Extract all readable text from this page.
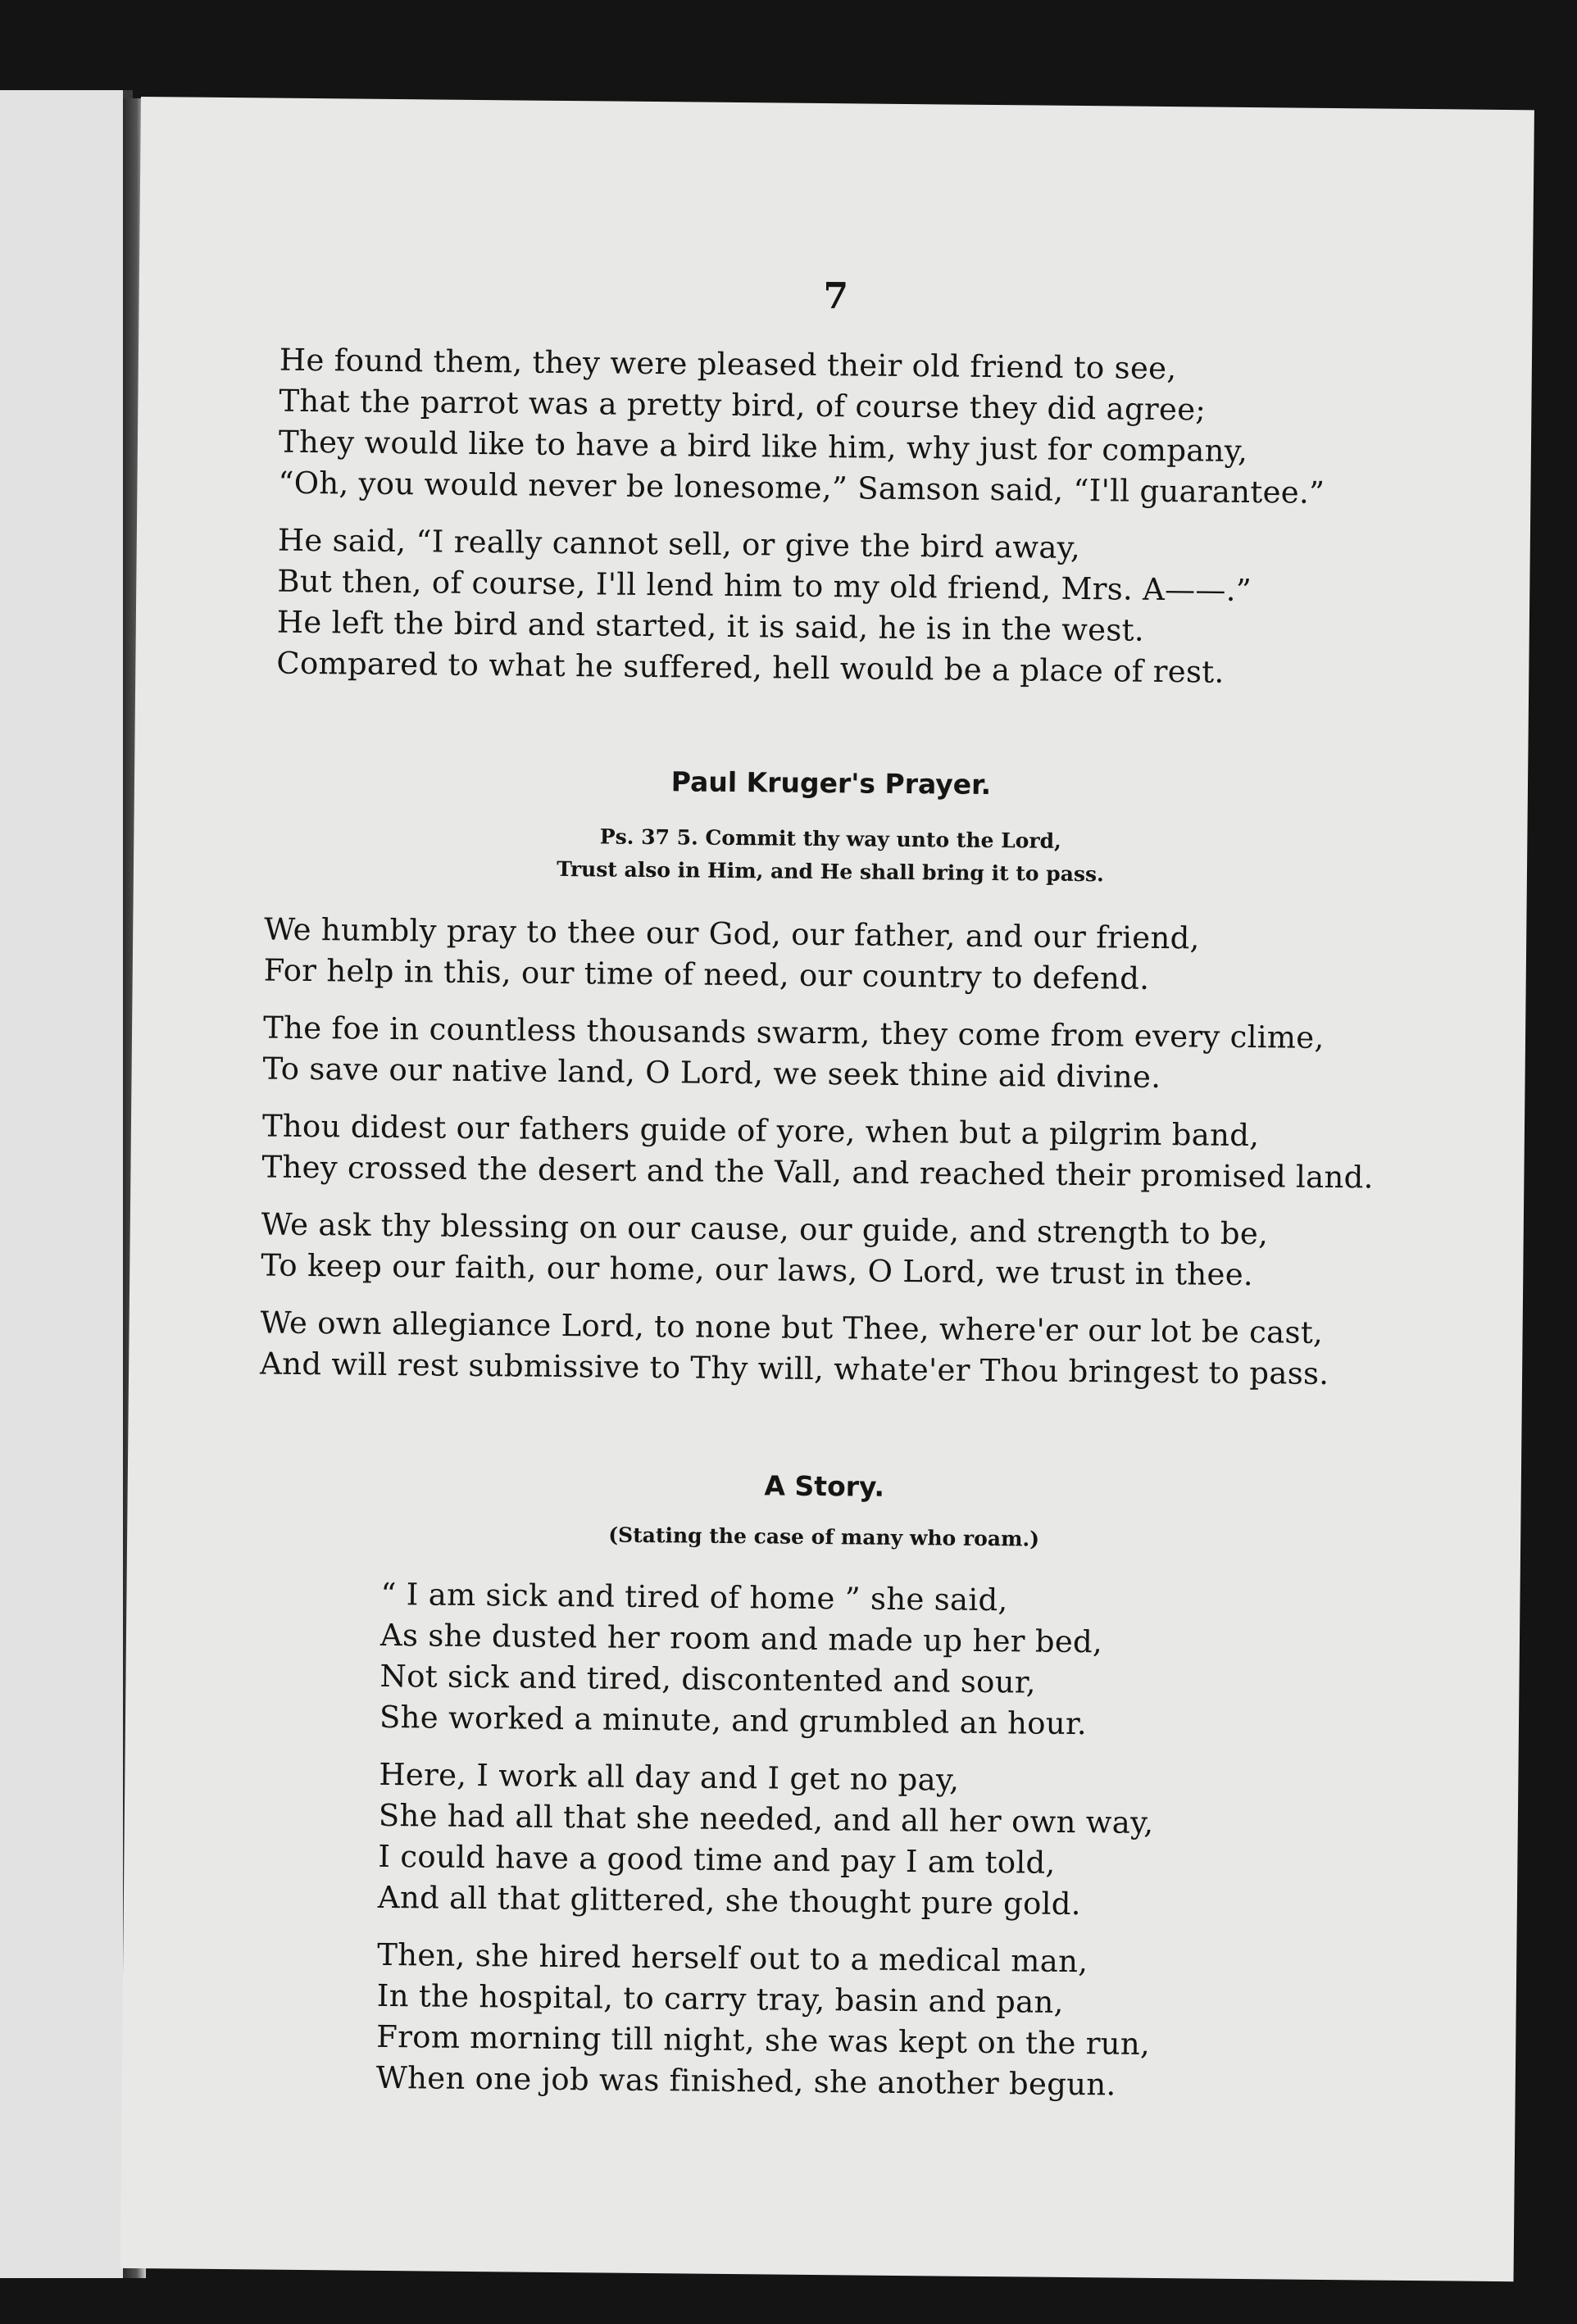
7
He found them, they were pleased their old friend to see,
That the parrot was a pretty bird, of course they did agree;
They would like to have a bird like him, why just for company,
“Oh, you would never be lonesome,” Samson said, “I'll guarantee.”
He said, “I really cannot sell, or give the bird away,
But then, of course, I'll lend him to my old friend, Mrs. A——.”
He left the bird and started, it is said, he is in the west.
Compared to what he suffered, hell would be a place of rest.
Paul Kruger's Prayer.
Ps. 37 5. Commit thy way unto the Lord,
Trust also in Him, and He shall bring it to pass.
We humbly pray to thee our God, our father, and our friend,
For help in this, our time of need, our country to defend.
The foe in countless thousands swarm, they come from every clime,
To save our native land, O Lord, we seek thine aid divine.
Thou didest our fathers guide of yore, when but a pilgrim band,
They crossed the desert and the Vall, and reached their promised land.
We ask thy blessing on our cause, our guide, and strength to be,
To keep our faith, our home, our laws, O Lord, we trust in thee.
We own allegiance Lord, to none but Thee, where'er our lot be cast,
And will rest submissive to Thy will, whate'er Thou bringest to pass.
A Story.
(Stating the case of many who roam.)
“ I am sick and tired of home ” she said,
As she dusted her room and made up her bed,
Not sick and tired, discontented and sour,
She worked a minute, and grumbled an hour.
Here, I work all day and I get no pay,
She had all that she needed, and all her own way,
I could have a good time and pay I am told,
And all that glittered, she thought pure gold.
Then, she hired herself out to a medical man,
In the hospital, to carry tray, basin and pan,
From morning till night, she was kept on the run,
When one job was finished, she another begun.
